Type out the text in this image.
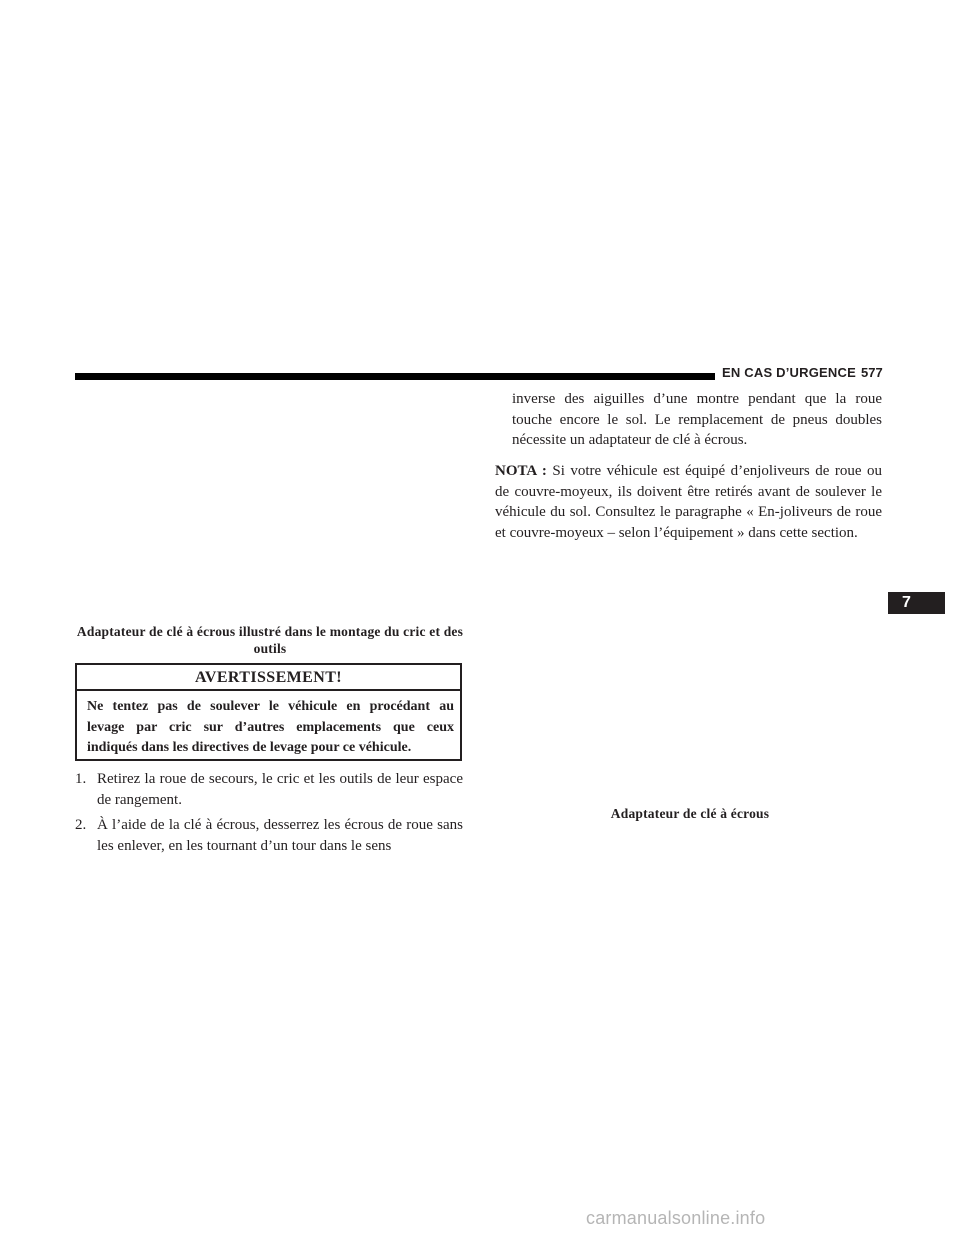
EN CAS D’URGENCE 577
Adaptateur de clé à écrous illustré dans le montage du cric et des outils
AVERTISSEMENT!
Ne tentez pas de soulever le véhicule en procédant au
levage par cric sur d’autres emplacements que ceux
indiqués dans les directives de levage pour ce véhicule.
1. Retirez la roue de secours, le cric et les outils de leur espace de rangement.
2. À l’aide de la clé à écrous, desserrez les écrous de roue sans les enlever, en les tournant d’un tour dans le sens
inverse des aiguilles d’une montre pendant que la roue touche encore le sol. Le remplacement de pneus doubles nécessite un adaptateur de clé à écrous.
NOTA : Si votre véhicule est équipé d’enjoliveurs de roue ou de couvre-moyeux, ils doivent être retirés avant de soulever le véhicule du sol. Consultez le paragraphe « En-joliveurs de roue et couvre-moyeux – selon l’équipement » dans cette section.
7
Adaptateur de clé à écrous
carmanualsonline.info
